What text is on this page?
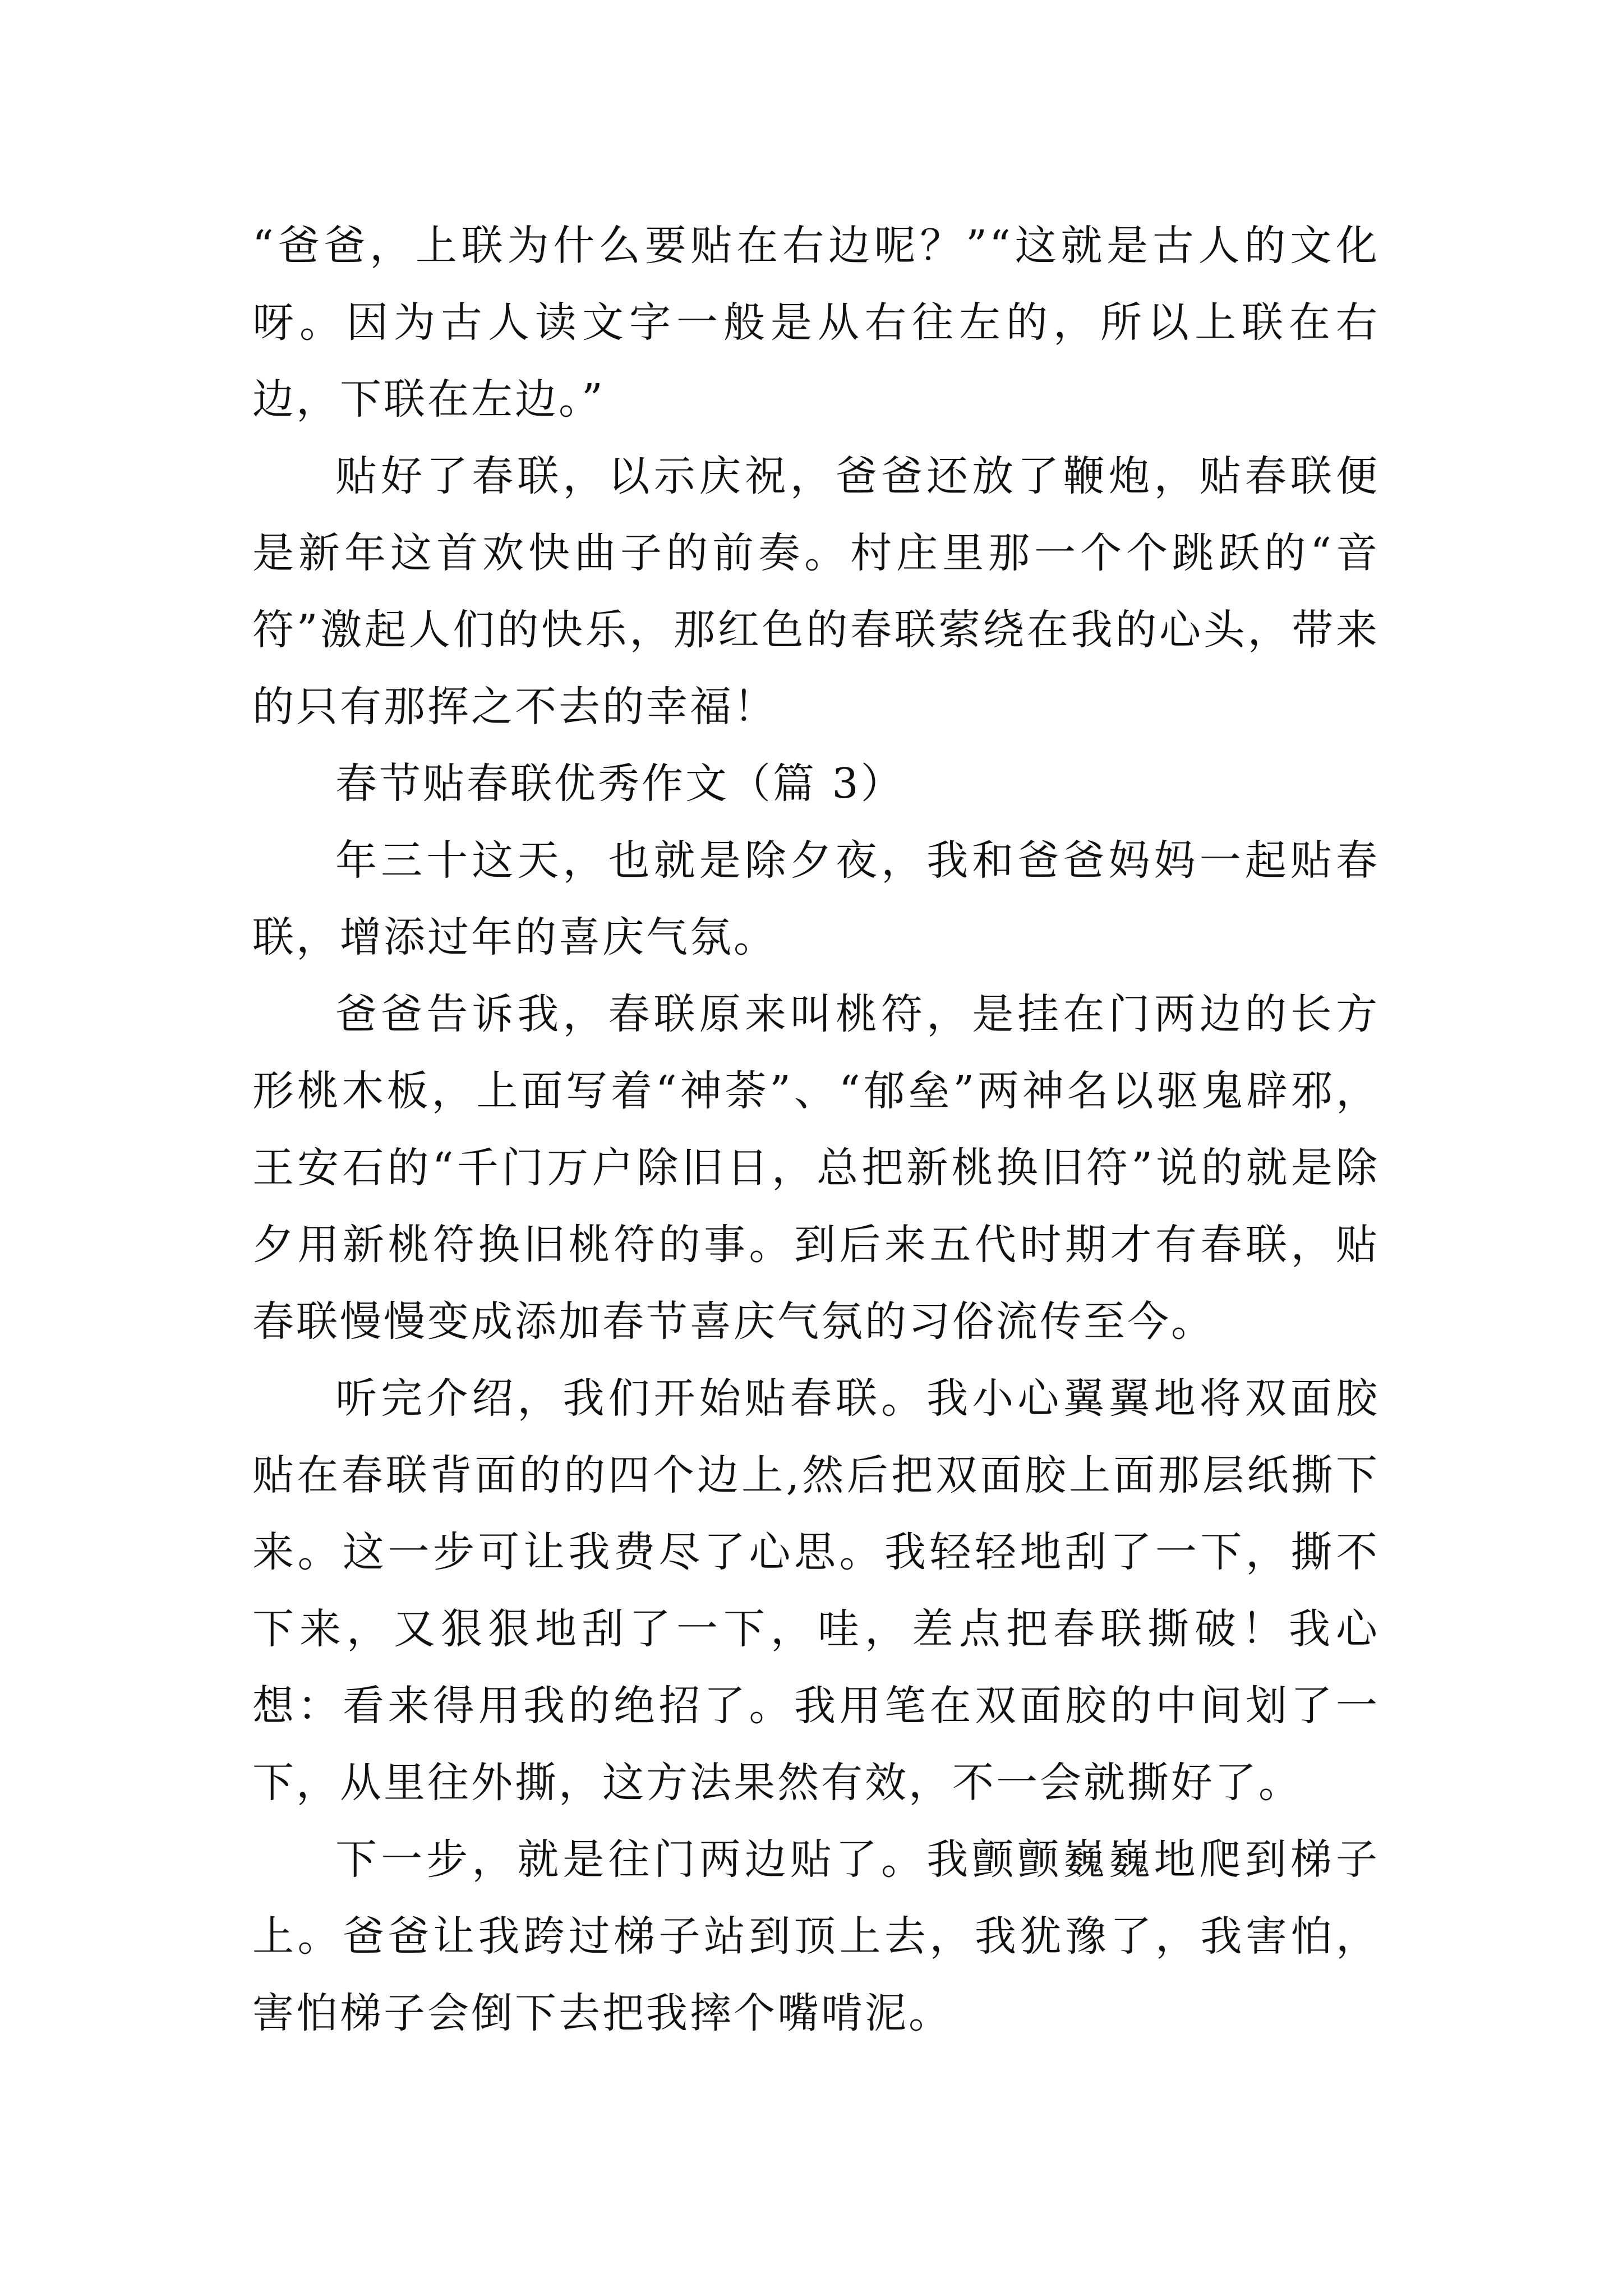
“爸爸，上联为什么要贴在右边呢？”“这就是古人的文化呀。因为古人读文字一般是从右往左的，所以上联在右边，下联在左边。”

贴好了春联，以示庆祝，爸爸还放了鞭炮，贴春联便是新年这首欢快曲子的前奏。村庄里那一个个跳跃的“音符”激起人们的快乐，那红色的春联萦绕在我的心头，带来的只有那挥之不去的幸福！

春节贴春联优秀作文（篇 3）

年三十这天，也就是除夕夜，我和爸爸妈妈一起贴春联，增添过年的喜庆气氛。

爸爸告诉我，春联原来叫桃符，是挂在门两边的长方形桃木板，上面写着“神荼”、“郁垒”两神名以驱鬼辟邪，王安石的“千门万户除旧日，总把新桃换旧符”说的就是除夕用新桃符换旧桃符的事。到后来五代时期才有春联，贴春联慢慢变成添加春节喜庆气氛的习俗流传至今。

听完介绍，我们开始贴春联。我小心翼翼地将双面胶贴在春联背面的的四个边上,然后把双面胶上面那层纸撕下来。这一步可让我费尽了心思。我轻轻地刮了一下，撕不下来，又狠狠地刮了一下，哇，差点把春联撕破！我心想：看来得用我的绝招了。我用笔在双面胶的中间划了一下，从里往外撕，这方法果然有效，不一会就撕好了。

下一步，就是往门两边贴了。我颤颤巍巍地爬到梯子上。爸爸让我跨过梯子站到顶上去，我犹豫了，我害怕，害怕梯子会倒下去把我摔个嘴啃泥。
